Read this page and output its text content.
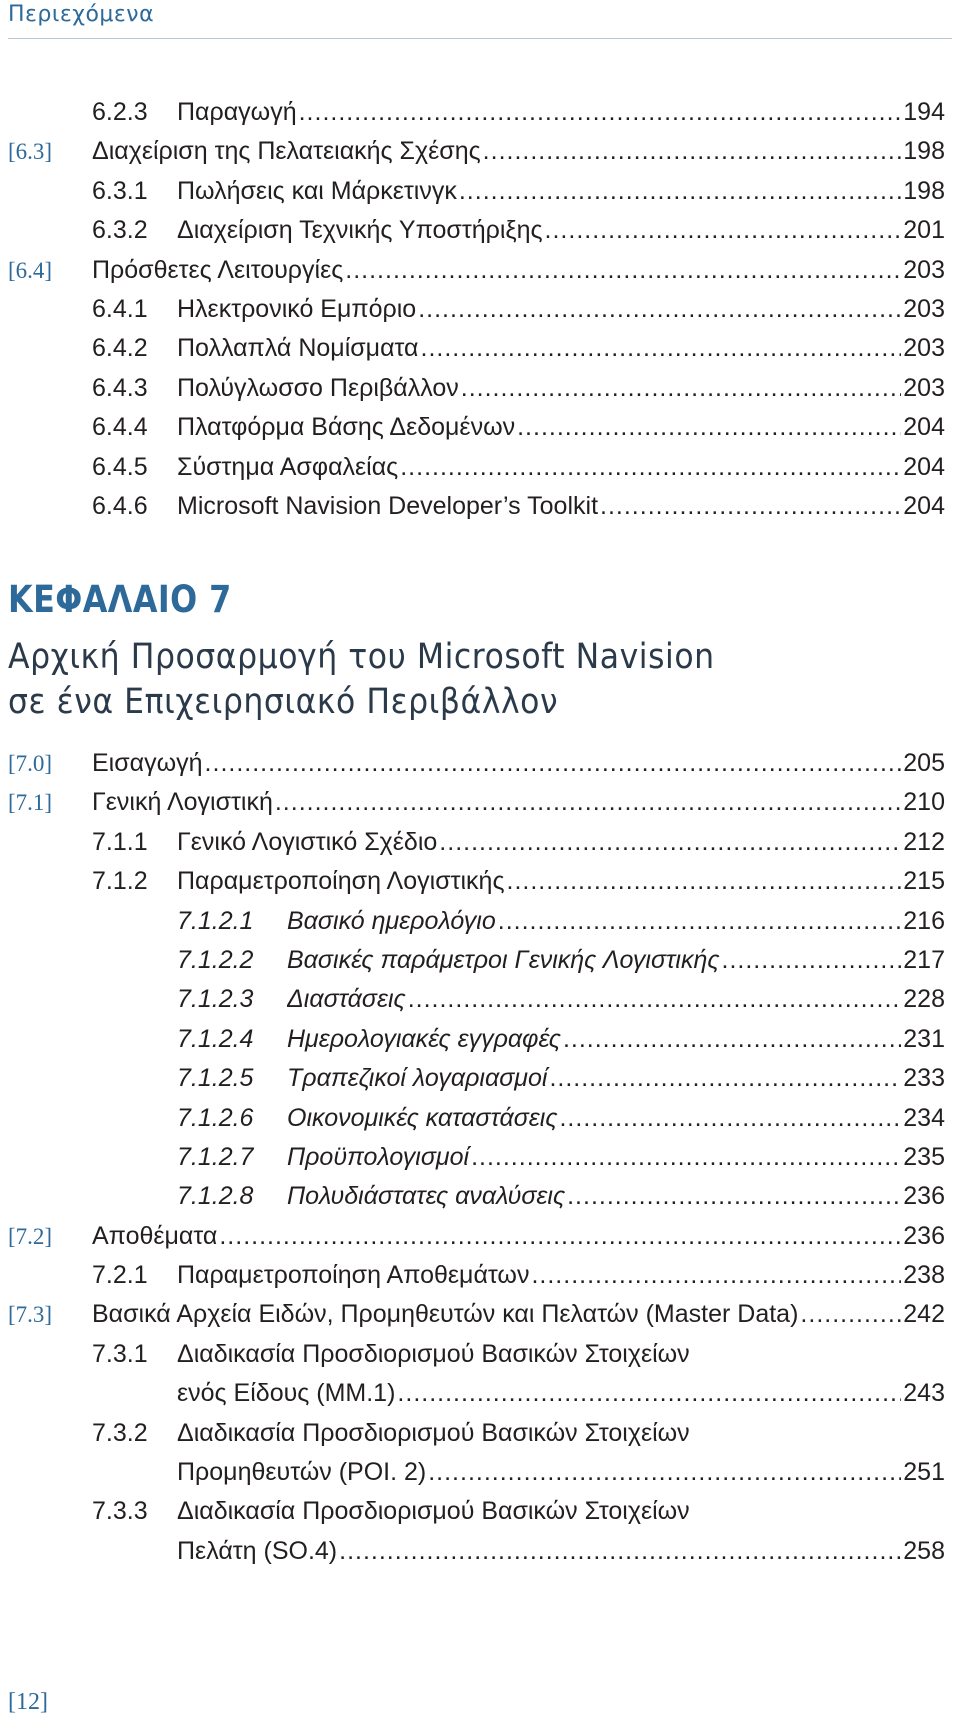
Περιεχόμενα
6.2.3 Παραγωγή .....	194
[6.3] Διαχείριση της Πελατειακής Σχέσης .....	198
6.3.1 Πωλήσεις και Μάρκετινγκ .....	198
6.3.2 Διαχείριση Τεχνικής Υποστήριξης .....	201
[6.4] Πρόσθετες Λειτουργίες .....	203
6.4.1 Ηλεκτρονικό Εμπόριο .....	203
6.4.2 Πολλαπλά Νομίσματα .....	203
6.4.3 Πολύγλωσσο Περιβάλλον .....	203
6.4.4 Πλατφόρμα Βάσης Δεδομένων .....	204
6.4.5 Σύστημα Ασφαλείας .....	204
6.4.6 Microsoft Navision Developer’s Toolkit .....	204
ΚΕΦΑΛΑΙΟ 7
Αρχική Προσαρμογή του Microsoft Navision
σε ένα Επιχειρησιακό Περιβάλλον
[7.0] Εισαγωγή .....	205
[7.1] Γενική Λογιστική .....	210
7.1.1 Γενικό Λογιστικό Σχέδιο .....	212
7.1.2 Παραμετροποίηση Λογιστικής .....	215
7.1.2.1 Βασικό ημερολόγιο .....	216
7.1.2.2 Βασικές παράμετροι Γενικής Λογιστικής .....	217
7.1.2.3 Διαστάσεις .....	228
7.1.2.4 Ημερολογιακές εγγραφές .....	231
7.1.2.5 Τραπεζικοί λογαριασμοί .....	233
7.1.2.6 Οικονομικές καταστάσεις .....	234
7.1.2.7 Προϋπολογισμοί .....	235
7.1.2.8 Πολυδιάστατες αναλύσεις .....	236
[7.2] Αποθέματα .....	236
7.2.1 Παραμετροποίηση Αποθεμάτων .....	238
[7.3] Βασικά Αρχεία Ειδών, Προμηθευτών και Πελατών (Master Data) .....	242
7.3.1 Διαδικασία Προσδιορισμού Βασικών Στοιχείων
ενός Είδους (MM.1) .....	243
7.3.2 Διαδικασία Προσδιορισμού Βασικών Στοιχείων
Προμηθευτών (POI. 2) .....	251
7.3.3 Διαδικασία Προσδιορισμού Βασικών Στοιχείων
Πελάτη (SO.4) .....	258
[12]
